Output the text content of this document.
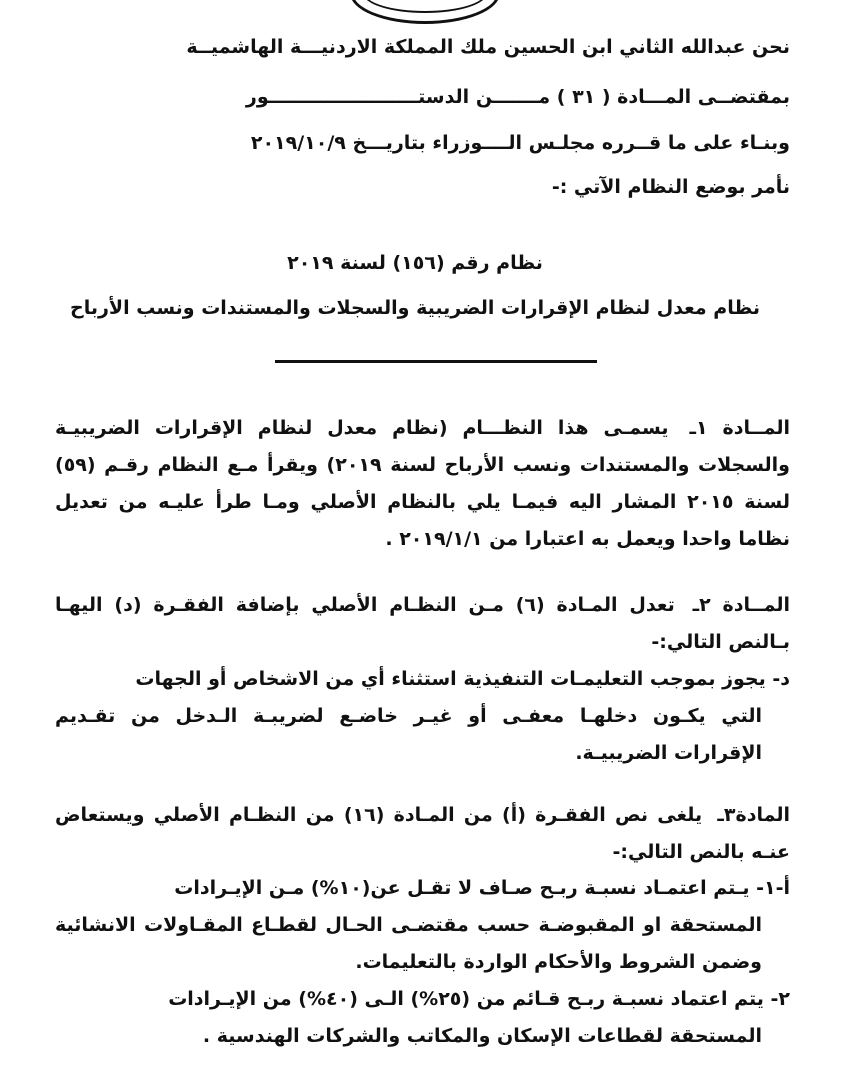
نحن عبدالله الثاني ابن الحسين ملك المملكة الاردنيـــة الهاشميــة
بمقتضــى المـــادة ( ٣١ ) مـــــــن الدستـــــــــــــــــــــــور
وبنـاء على ما قــرره مجلـس الــــوزراء بتاريـــخ ٢٠١٩/١٠/٩
نأمر بوضع النظام الآتي :-
نظام رقم (١٥٦) لسنة ٢٠١٩
نظام معدل لنظام الإقرارات الضريبية والسجلات والمستندات ونسب الأرباح
المــادة ١ـ يسمـى هذا النظـــام (نظام معدل لنظام الإقرارات الضريبيـة والسجلات والمستندات ونسب الأرباح لسنة ٢٠١٩) ويقرأ مـع النظام رقـم (٥٩) لسنة ٢٠١٥ المشار اليه فيمـا يلي بالنظام الأصلي ومـا طرأ عليـه من تعديل نظاما واحدا ويعمل به اعتبارا من ٢٠١٩/١/١ .
المــادة ٢ـ تعدل المـادة (٦) مـن النظـام الأصلي بإضافة الفقـرة (د) اليهـا بـالنص التالي:-
د- يجوز بموجب التعليمـات التنفيذية استثناء أي من الاشخاص أو الجهات
التي يكـون دخلهـا معفـى أو غيـر خاضـع لضريبـة الـدخل من تقـديم الإقرارات الضريبيـة.
المادة٣ـ يلغى نص الفقـرة (أ) من المـادة (١٦) من النظـام الأصلي ويستعاض عنـه بالنص التالي:-
أ-١- يـتم اعتمـاد نسبـة ربـح صـاف لا تقـل عن(١٠%) مـن الإيـرادات
المستحقة او المقبوضـة حسب مقتضـى الحـال لقطـاع المقـاولات الانشائية وضمن الشروط والأحكام الواردة بالتعليمات.
٢- يتم اعتماد نسبـة ربـح قـائم من (٢٥%) الـى (٤٠%) من الإيـرادات
المستحقة لقطاعات الإسكان والمكاتب والشركات الهندسية .
